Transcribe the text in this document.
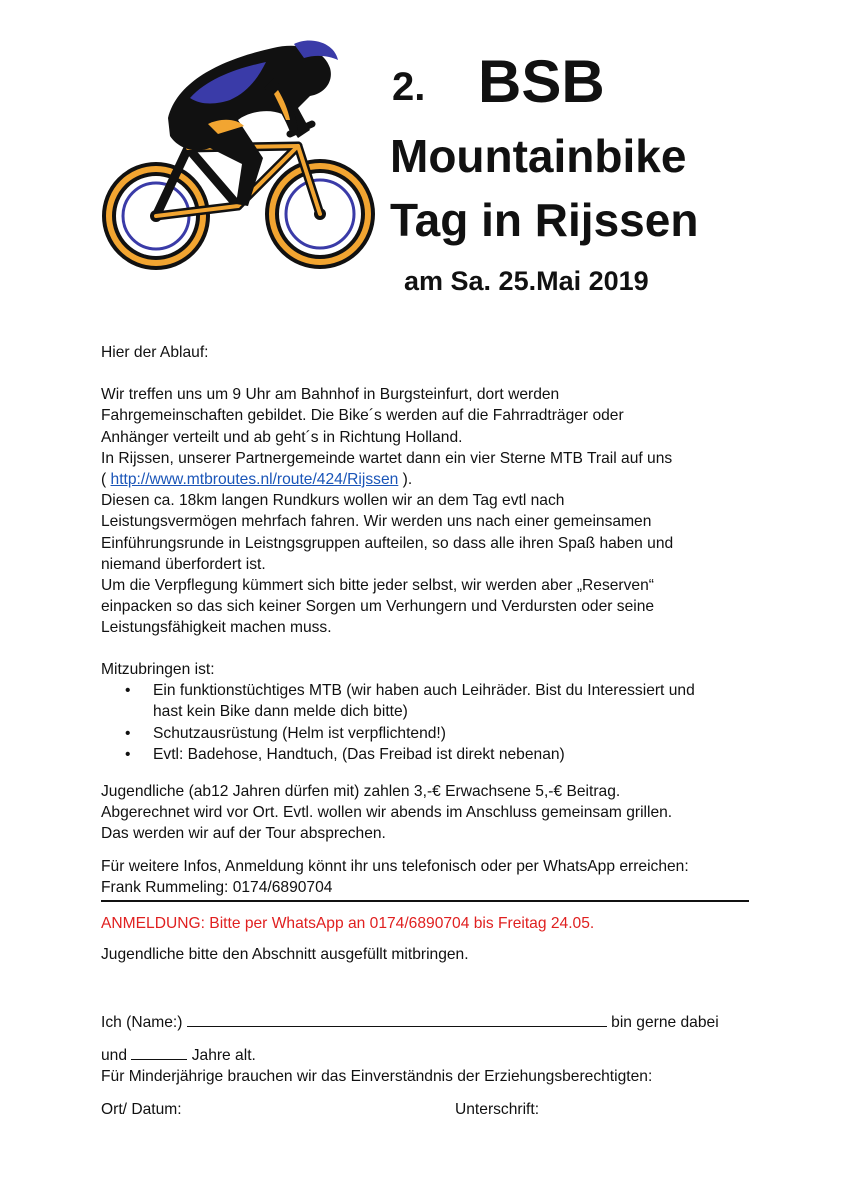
2. BSB
Mountainbike
Tag in Rijssen
am Sa. 25.Mai 2019

Hier der Ablauf:

Wir treffen uns um 9 Uhr am Bahnhof in Burgsteinfurt, dort werden

Fahrgemeinschaften gebildet. Die Bike´s werden auf die Fahrradträger oder

Anhänger verteilt und ab geht´s in Richtung Holland.

In Rijssen, unserer Partnergemeinde wartet dann ein vier Sterne MTB Trail auf uns

( http://www.mtbroutes.nl/route/424/Rijssen ).

Diesen ca. 18km langen Rundkurs wollen wir an dem Tag evtl nach

Leistungsvermögen mehrfach fahren. Wir werden uns nach einer gemeinsamen

Einführungsrunde in Leistngsgruppen aufteilen, so dass alle ihren Spaß haben und

niemand überfordert ist.

Um die Verpflegung kümmert sich bitte jeder selbst, wir werden aber „Reserven“

einpacken so das sich keiner Sorgen um Verhungern und Verdursten oder seine

Leistungsfähigkeit machen muss.

Mitzubringen ist:

• Ein funktionstüchtiges MTB (wir haben auch Leihräder. Bist du Interessiert und
hast kein Bike dann melde dich bitte)
• Schutzausrüstung (Helm ist verpflichtend!)
• Evtl: Badehose, Handtuch, (Das Freibad ist direkt nebenan)

Jugendliche (ab12 Jahren dürfen mit) zahlen 3,-€ Erwachsene 5,-€ Beitrag.

Abgerechnet wird vor Ort. Evtl. wollen wir abends im Anschluss gemeinsam grillen.

Das werden wir auf der Tour absprechen.

Für weitere Infos, Anmeldung könnt ihr uns telefonisch oder per WhatsApp erreichen:

Frank Rummeling: 0174/6890704

ANMELDUNG: Bitte per WhatsApp an 0174/6890704 bis Freitag 24.05.

Jugendliche bitte den Abschnitt ausgefüllt mitbringen.

Ich (Name:)	bin gerne dabei

und	Jahre alt.

Für Minderjährige brauchen wir das Einverständnis der Erziehungsberechtigten:

Ort/ Datum:	Unterschrift:
